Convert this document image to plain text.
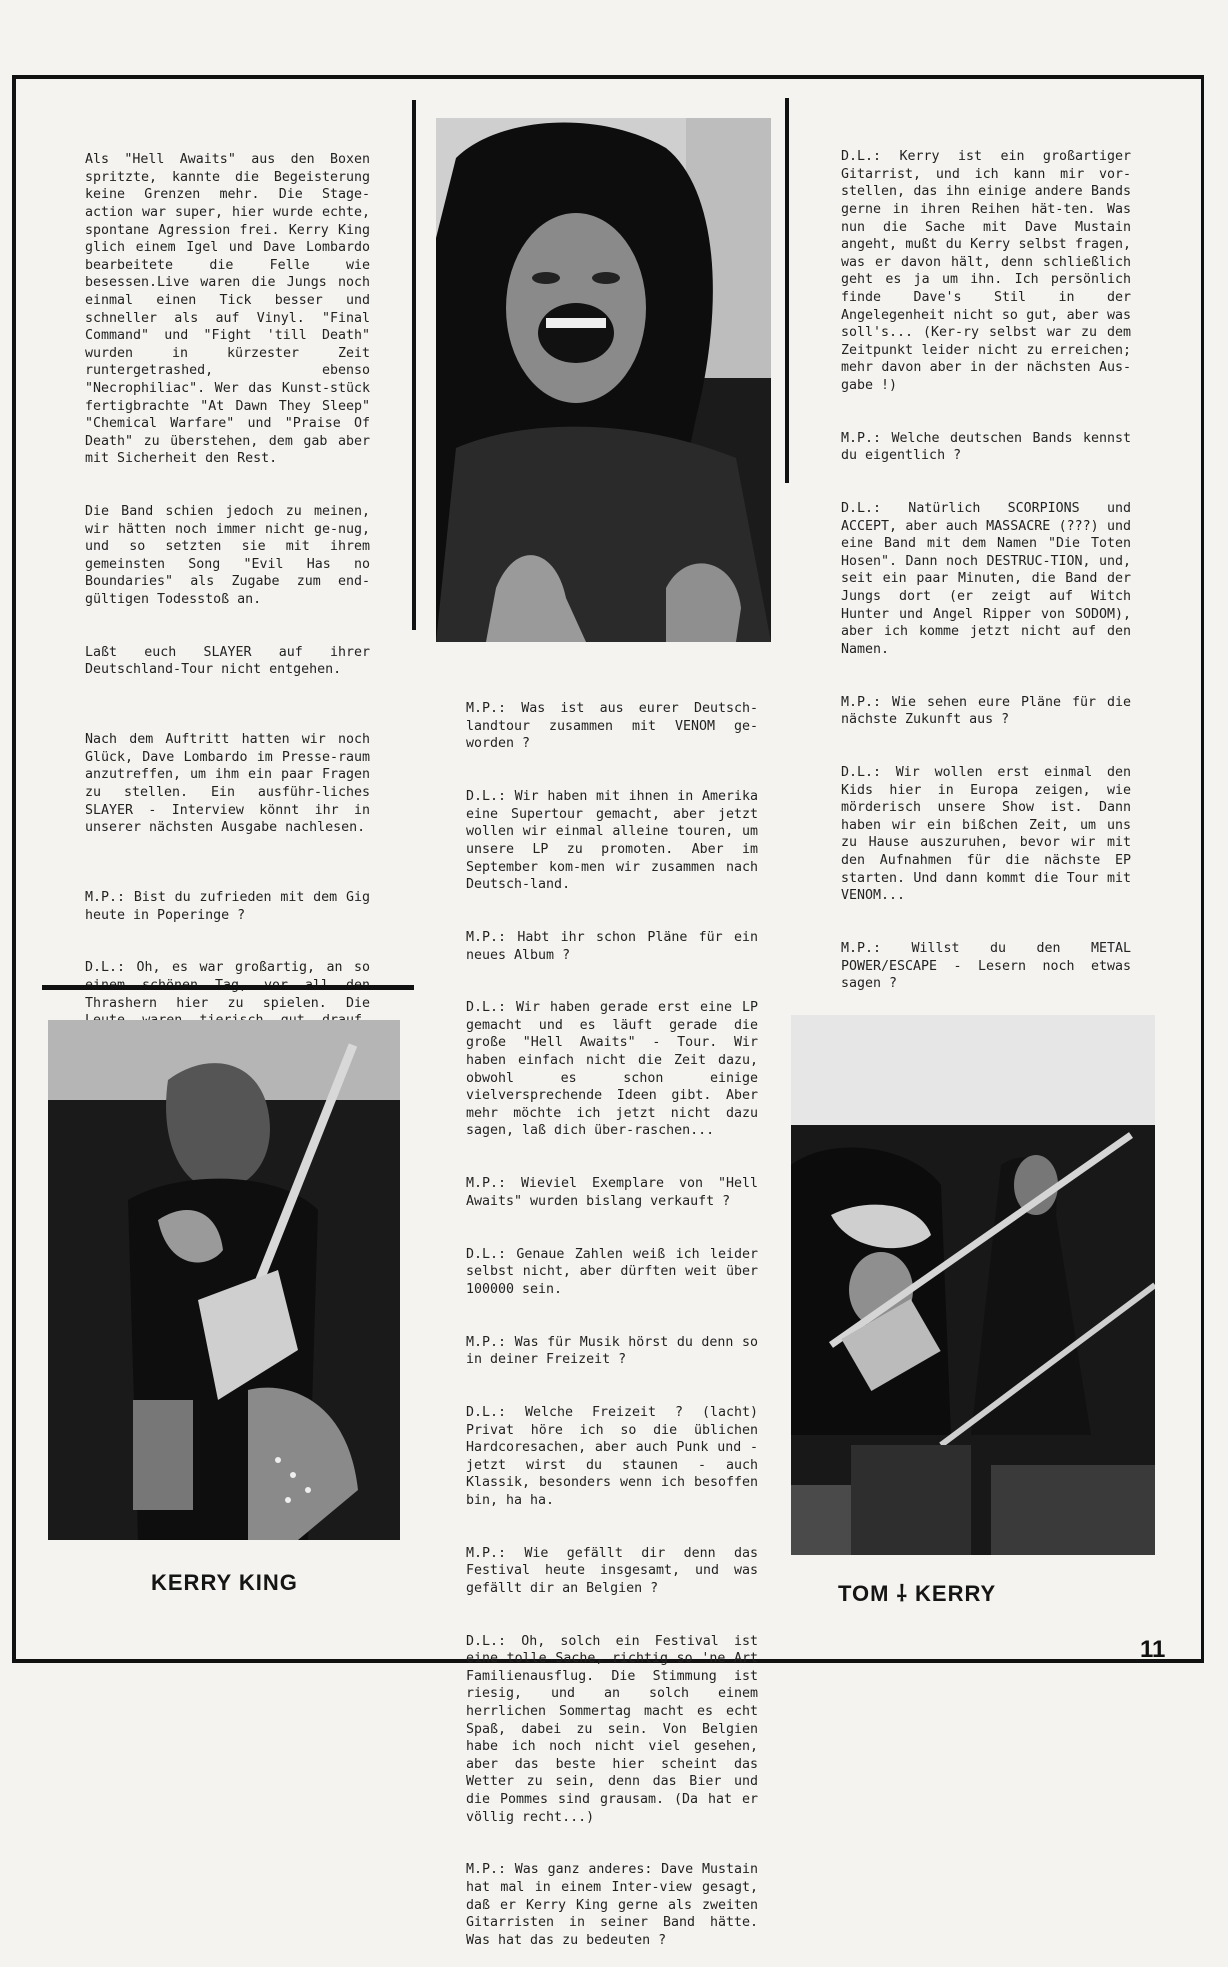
Als "Hell Awaits" aus den Boxen spritzte, kannte die Begeisterung keine Grenzen mehr. Die Stage-action war super, hier wurde echte, spontane Agression frei. Kerry King glich einem Igel und Dave Lombardo bearbeitete die Felle wie besessen.Live waren die Jungs noch einmal einen Tick besser und schneller als auf Vinyl. "Final Command" und "Fight 'till Death" wurden in kürzester Zeit runtergetrashed, ebenso "Necrophiliac". Wer das Kunst-stück fertigbrachte "At Dawn They Sleep" "Chemical Warfare" und "Praise Of Death" zu überstehen, dem gab aber mit Sicherheit den Rest.

Die Band schien jedoch zu meinen, wir hätten noch immer nicht ge-nug, und so setzten sie mit ihrem gemeinsten Song "Evil Has no Boundaries" als Zugabe zum end-gültigen Todesstoß an.

Laßt euch SLAYER auf ihrer Deutschland-Tour nicht entgehen.

Nach dem Auftritt hatten wir noch Glück, Dave Lombardo im Presse-raum anzutreffen, um ihm ein paar Fragen zu stellen. Ein ausführ-liches SLAYER - Interview könnt ihr in unserer nächsten Ausgabe nachlesen.

M.P.: Bist du zufrieden mit dem Gig heute in Poperinge ?

D.L.: Oh, es war großartig, an so       Thrashern hier zu spielen. Die

M.P.: Was ist aus eurer Deutsch-landtour zusammen mit VENOM ge-worden ?

D.L.: Wir haben mit ihnen in Amerika eine Supertour gemacht, aber jetzt wollen wir einmal alleine touren, um unsere LP zu promoten. Aber im September kom-men wir zusammen nach Deutsch-land.

M.P.: Habt ihr schon Pläne für ein neues Album ?

D.L.: Wir haben gerade erst eine LP gemacht und es läuft gerade die große "Hell Awaits" - Tour. Wir haben einfach nicht die Zeit dazu, obwohl es schon einige vielversprechende Ideen gibt. Aber mehr möchte ich jetzt nicht dazu sagen, laß dich über-raschen...

M.P.: Wieviel Exemplare von "Hell Awaits" wurden bislang verkauft ?

D.L.: Genaue Zahlen weiß ich leider selbst nicht, aber dürften weit über 100000 sein.

M.P.: Was für Musik hörst du denn so in deiner Freizeit ?

D.L.: Welche Freizeit ? (lacht) Privat höre ich so die üblichen Hardcoresachen, aber auch Punk und - jetzt wirst du staunen - auch Klassik, besonders wenn ich besoffen bin, ha ha.

M.P.: Wie gefällt dir denn das Festival heute insgesamt, und was gefällt dir an Belgien ?

D.L.: Oh, solch ein Festival ist eine tolle Sache, richtig so 'ne Art Familienausflug. Die Stimmung ist riesig, und an solch einem herrlichen Sommertag macht es echt Spaß, dabei zu sein. Von Belgien habe ich noch nicht viel gesehen, aber das beste hier scheint das Wetter zu sein, denn das Bier und die Pommes sind grausam. (Da hat er völlig recht...)

M.P.: Was ganz anderes: Dave Mustain hat mal in einem Inter-view gesagt, daß er Kerry King gerne als zweiten Gitarristen in seiner Band hätte. Was hat das zu bedeuten ?

D.L.: Kerry ist ein großartiger Gitarrist, und ich kann mir vor-stellen, das ihn einige andere Bands gerne in ihren Reihen hät-ten. Was nun die Sache mit Dave Mustain angeht, mußt du Kerry selbst fragen, was er davon hält, denn schließlich geht es ja um ihn. Ich persönlich finde Dave's Stil in der Angelegenheit nicht so gut, aber was soll's... (Ker-ry selbst war zu dem Zeitpunkt leider nicht zu erreichen; mehr davon aber in der nächsten Aus-gabe !)

M.P.: Welche deutschen Bands kennst du eigentlich ?

D.L.: Natürlich SCORPIONS und ACCEPT, aber auch MASSACRE (???) und eine Band mit dem Namen "Die Toten Hosen". Dann noch DESTRUC-TION, und, seit ein paar Minuten, die Band der Jungs dort (er zeigt auf Witch Hunter und Angel Ripper von SODOM), aber ich komme jetzt nicht auf den Namen.

M.P.: Wie sehen eure Pläne für die nächste Zukunft aus ?

D.L.: Wir wollen erst einmal den Kids hier in Europa zeigen, wie mörderisch unsere Show ist. Dann haben wir ein bißchen Zeit, um uns zu Hause auszuruhen, bevor wir mit den Aufnahmen für die nächste EP starten. Und dann kommt die Tour mit VENOM...

M.P.: Willst du den METAL POWER/ESCAPE - Lesern noch etwas sagen ?

KERRY KING	TOM ⸸ KERRY
11
